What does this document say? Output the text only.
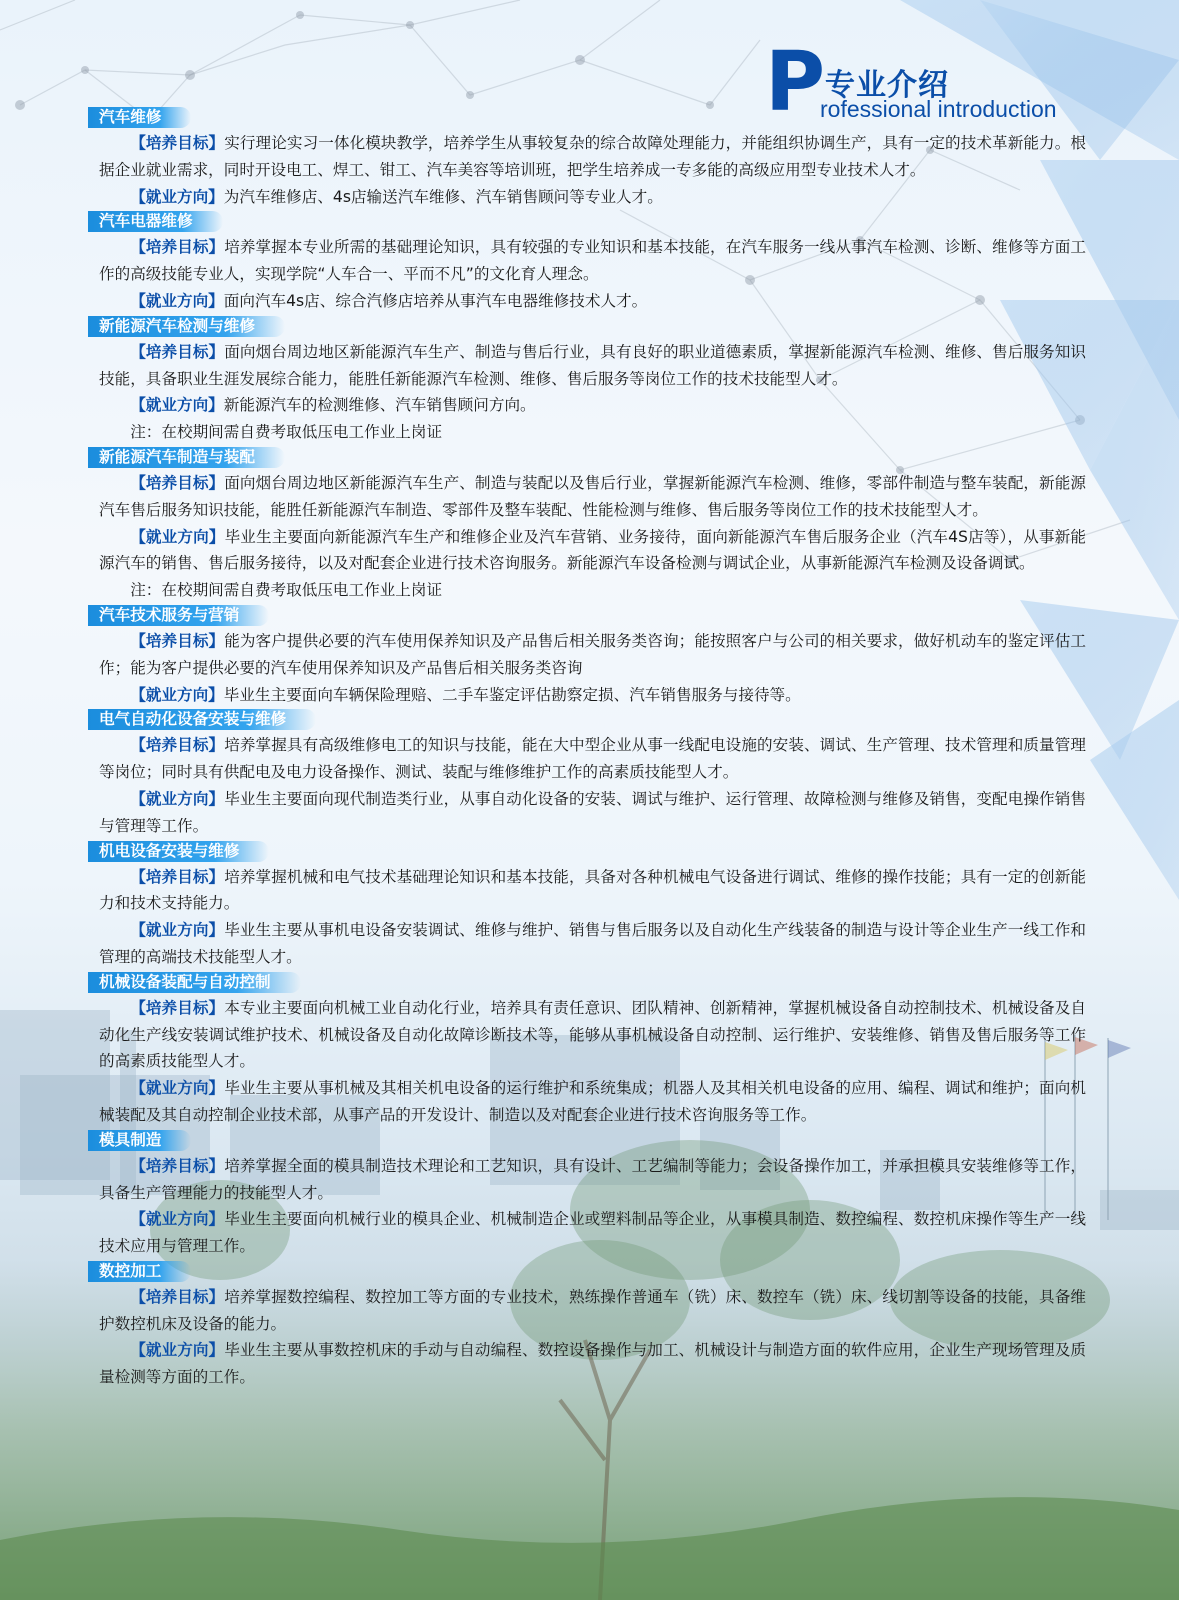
P 专业介绍
rofessional introduction
汽车维修

【培养目标】实行理论实习一体化模块教学，培养学生从事较复杂的综合故障处理能力，并能组织协调生产，具有一定的技术革新能力。根据企业就业需求，同时开设电工、焊工、钳工、汽车美容等培训班，把学生培养成一专多能的高级应用型专业技术人才。

【就业方向】为汽车维修店、4s店输送汽车维修、汽车销售顾问等专业人才。

汽车电器维修

【培养目标】培养掌握本专业所需的基础理论知识，具有较强的专业知识和基本技能，在汽车服务一线从事汽车检测、诊断、维修等方面工作的高级技能专业人，实现学院“人车合一、平而不凡”的文化育人理念。

【就业方向】面向汽车4s店、综合汽修店培养从事汽车电器维修技术人才。

新能源汽车检测与维修

【培养目标】面向烟台周边地区新能源汽车生产、制造与售后行业，具有良好的职业道德素质，掌握新能源汽车检测、维修、售后服务知识技能，具备职业生涯发展综合能力，能胜任新能源汽车检测、维修、售后服务等岗位工作的技术技能型人才。

【就业方向】新能源汽车的检测维修、汽车销售顾问方向。

注：在校期间需自费考取低压电工作业上岗证

新能源汽车制造与装配

【培养目标】面向烟台周边地区新能源汽车生产、制造与装配以及售后行业，掌握新能源汽车检测、维修，零部件制造与整车装配，新能源汽车售后服务知识技能，能胜任新能源汽车制造、零部件及整车装配、性能检测与维修、售后服务等岗位工作的技术技能型人才。

【就业方向】毕业生主要面向新能源汽车生产和维修企业及汽车营销、业务接待，面向新能源汽车售后服务企业（汽车4S店等），从事新能源汽车的销售、售后服务接待，以及对配套企业进行技术咨询服务。新能源汽车设备检测与调试企业，从事新能源汽车检测及设备调试。

注：在校期间需自费考取低压电工作业上岗证

汽车技术服务与营销

【培养目标】能为客户提供必要的汽车使用保养知识及产品售后相关服务类咨询；能按照客户与公司的相关要求，做好机动车的鉴定评估工作；能为客户提供必要的汽车使用保养知识及产品售后相关服务类咨询

【就业方向】毕业生主要面向车辆保险理赔、二手车鉴定评估勘察定损、汽车销售服务与接待等。

电气自动化设备安装与维修

【培养目标】培养掌握具有高级维修电工的知识与技能，能在大中型企业从事一线配电设施的安装、调试、生产管理、技术管理和质量管理等岗位；同时具有供配电及电力设备操作、测试、装配与维修维护工作的高素质技能型人才。

【就业方向】毕业生主要面向现代制造类行业，从事自动化设备的安装、调试与维护、运行管理、故障检测与维修及销售，变配电操作销售与管理等工作。

机电设备安装与维修

【培养目标】培养掌握机械和电气技术基础理论知识和基本技能，具备对各种机械电气设备进行调试、维修的操作技能；具有一定的创新能力和技术支持能力。

【就业方向】毕业生主要从事机电设备安装调试、维修与维护、销售与售后服务以及自动化生产线装备的制造与设计等企业生产一线工作和管理的高端技术技能型人才。

机械设备装配与自动控制

【培养目标】本专业主要面向机械工业自动化行业，培养具有责任意识、团队精神、创新精神，掌握机械设备自动控制技术、机械设备及自动化生产线安装调试维护技术、机械设备及自动化故障诊断技术等，能够从事机械设备自动控制、运行维护、安装维修、销售及售后服务等工作的高素质技能型人才。

【就业方向】毕业生主要从事机械及其相关机电设备的运行维护和系统集成；机器人及其相关机电设备的应用、编程、调试和维护；面向机械装配及其自动控制企业技术部，从事产品的开发设计、制造以及对配套企业进行技术咨询服务等工作。

模具制造

【培养目标】培养掌握全面的模具制造技术理论和工艺知识，具有设计、工艺编制等能力；会设备操作加工，并承担模具安装维修等工作，具备生产管理能力的技能型人才。

【就业方向】毕业生主要面向机械行业的模具企业、机械制造企业或塑料制品等企业，从事模具制造、数控编程、数控机床操作等生产一线技术应用与管理工作。

数控加工

【培养目标】培养掌握数控编程、数控加工等方面的专业技术，熟练操作普通车（铣）床、数控车（铣）床、线切割等设备的技能，具备维护数控机床及设备的能力。

【就业方向】毕业生主要从事数控机床的手动与自动编程、数控设备操作与加工、机械设计与制造方面的软件应用，企业生产现场管理及质量检测等方面的工作。
